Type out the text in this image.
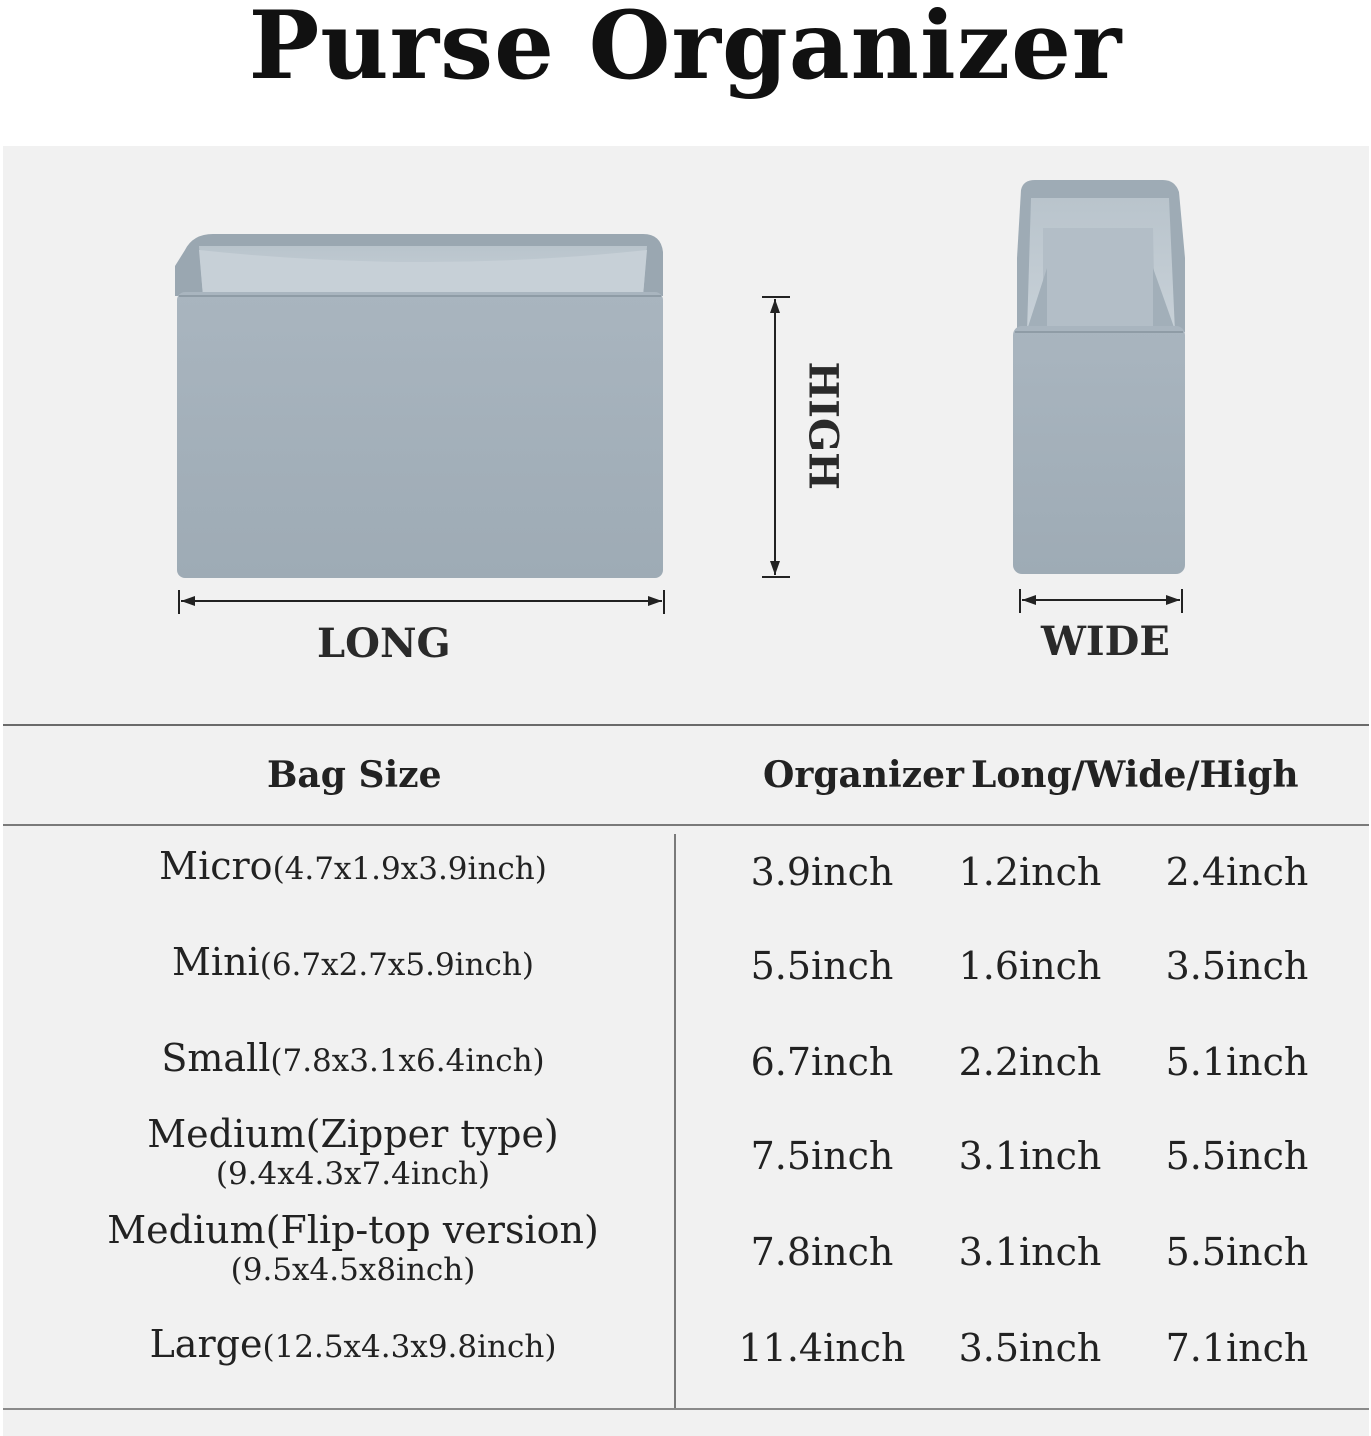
Purse Organizer
LONG
HIGH
WIDE
Bag Size	Organizer Long/Wide/High
Micro(4.7x1.9x3.9inch)	3.9inch	1.2inch	2.4inch
Mini(6.7x2.7x5.9inch)	5.5inch	1.6inch	3.5inch
Small(7.8x3.1x6.4inch)	6.7inch	2.2inch	5.1inch
Medium(Zipper type)
(9.4x4.3x7.4inch)	7.5inch	3.1inch	5.5inch
Medium(Flip-top version)
(9.5x4.5x8inch)	7.8inch	3.1inch	5.5inch
Large(12.5x4.3x9.8inch)	11.4inch	3.5inch	7.1inch
